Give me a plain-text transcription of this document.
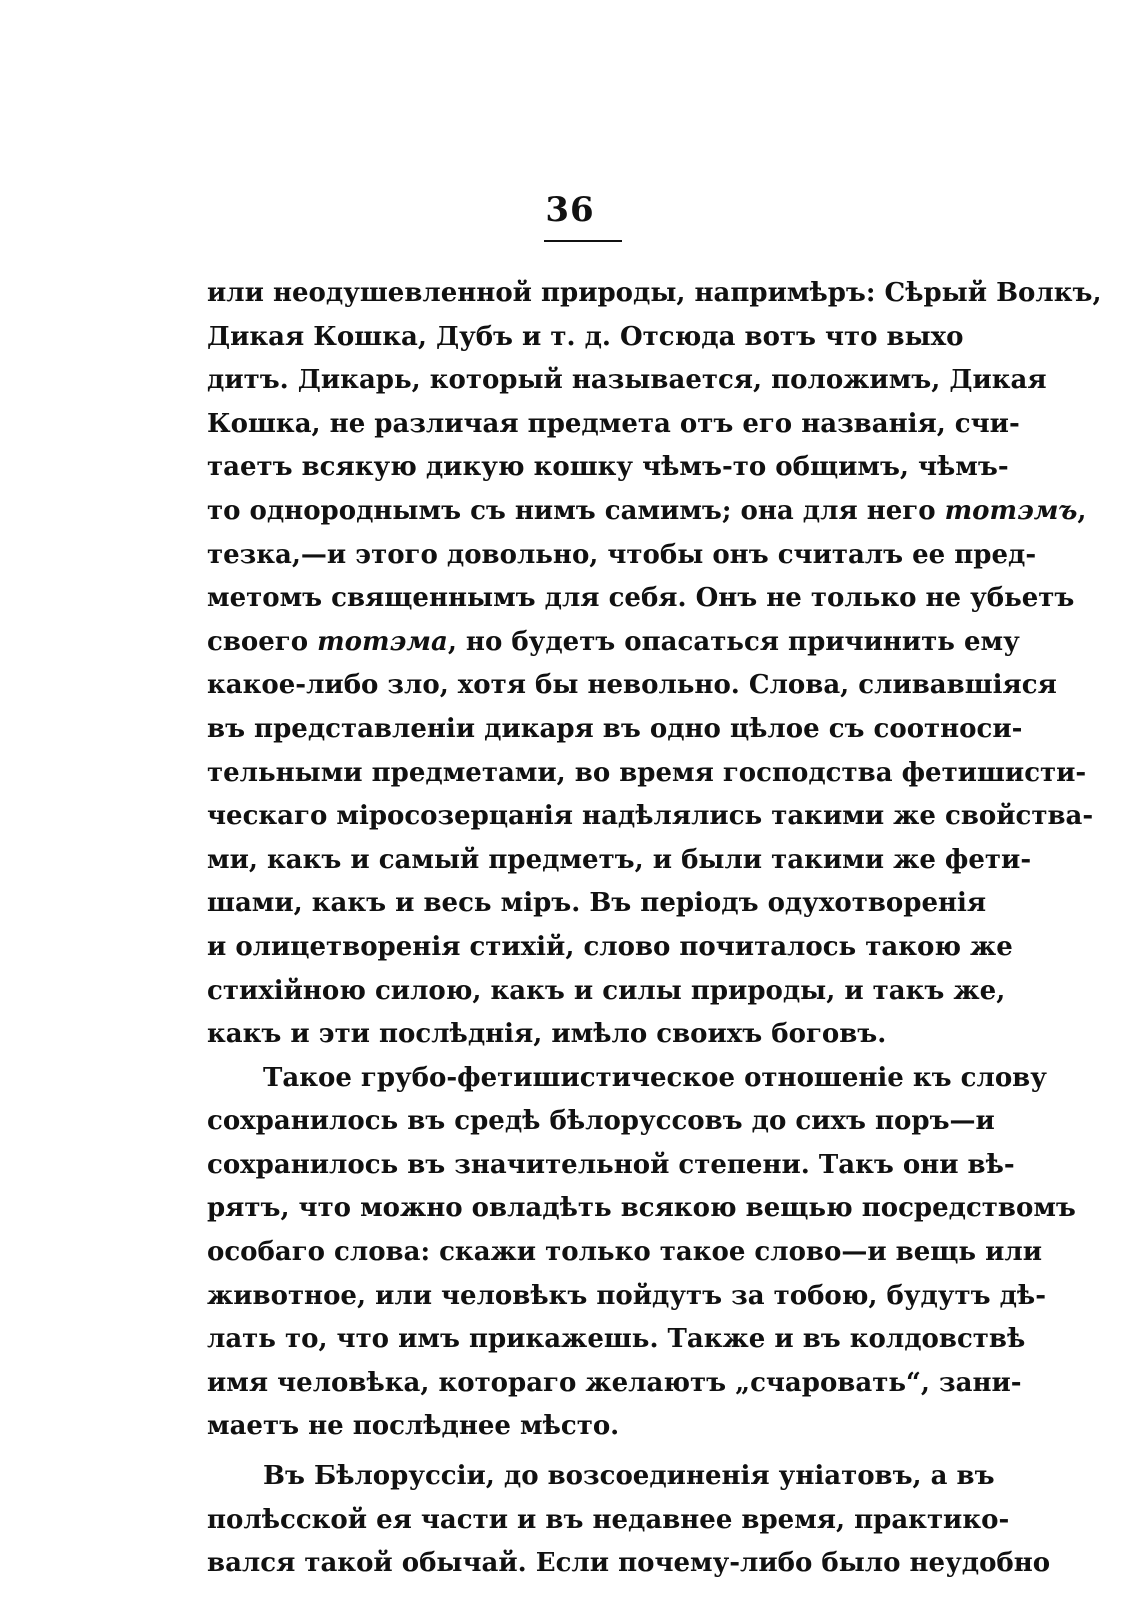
36
или неодушевленной природы, напримѣръ: Сѣрый Волкъ,
Дикая Кошка, Дубъ и т. д. Отсюда вотъ что выхо
дитъ. Дикарь, который называется, положимъ, Дикая
Кошка, не различая предмета отъ его названія, счи-
таетъ всякую дикую кошку чѣмъ-то общимъ, чѣмъ-
то однороднымъ съ нимъ самимъ; она для него тотэмъ,
тезка,—и этого довольно, чтобы онъ считалъ ее пред-
метомъ священнымъ для себя. Онъ не только не убьетъ
своего тотэма, но будетъ опасаться причинить ему
какое-либо зло, хотя бы невольно. Слова, сливавшіяся
въ представленіи дикаря въ одно цѣлое съ соотноси-
тельными предметами, во время господства фетишисти-
ческаго міросозерцанія надѣлялись такими же свойства-
ми, какъ и самый предметъ, и были такими же фети-
шами, какъ и весь міръ. Въ періодъ одухотворенія
и олицетворенія стихій, слово почиталось такою же
стихійною силою, какъ и силы природы, и такъ же,
какъ и эти послѣднія, имѣло своихъ боговъ.
Такое грубо-фетишистическое отношеніе къ слову
сохранилось въ средѣ бѣлоруссовъ до сихъ поръ—и
сохранилось въ значительной степени. Такъ они вѣ-
рятъ, что можно овладѣть всякою вещью посредствомъ
особаго слова: скажи только такое слово—и вещь или
животное, или человѣкъ пойдутъ за тобою, будутъ дѣ-
лать то, что имъ прикажешь. Также и въ колдовствѣ
имя человѣка, котораго желаютъ „счаровать“, зани-
маетъ не послѣднее мѣсто.
Въ Бѣлоруссіи, до возсоединенія уніатовъ, а въ
полѣсской ея части и въ недавнее время, практико-
вался такой обычай. Если почему-либо было неудобно
